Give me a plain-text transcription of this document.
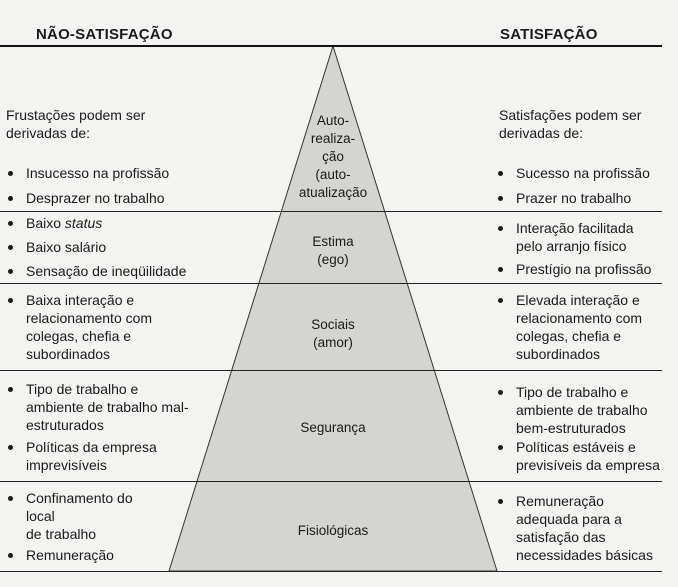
NÃO-SATISFAÇÃO	SATISFAÇÃO
Frustações podem ser
derivadas de:
Satisfações podem ser
derivadas de:
Auto-
realiza-
ção
(auto-
atualização
Estima
(ego)
Sociais
(amor)
Segurança
Fisiológicas
Insucesso na profissão
Desprazer no trabalho
Baixo status
Baixo salário
Sensação de ineqüilidade
Baixa interação e
relacionamento com
colegas, chefia e
subordinados
Tipo de trabalho e
ambiente de trabalho mal-
estruturados
Políticas da empresa
imprevisíveis
Confinamento do
local
de trabalho
Remuneração
Sucesso na profissão
Prazer no trabalho
Interação facilitada
pelo arranjo físico
Prestígio na profissão
Elevada interação e
relacionamento com
colegas, chefia e
subordinados
Tipo de trabalho e
ambiente de trabalho
bem-estruturados
Políticas estáveis e
previsíveis da empresa
Remuneração
adequada para a
satisfação das
necessidades básicas
